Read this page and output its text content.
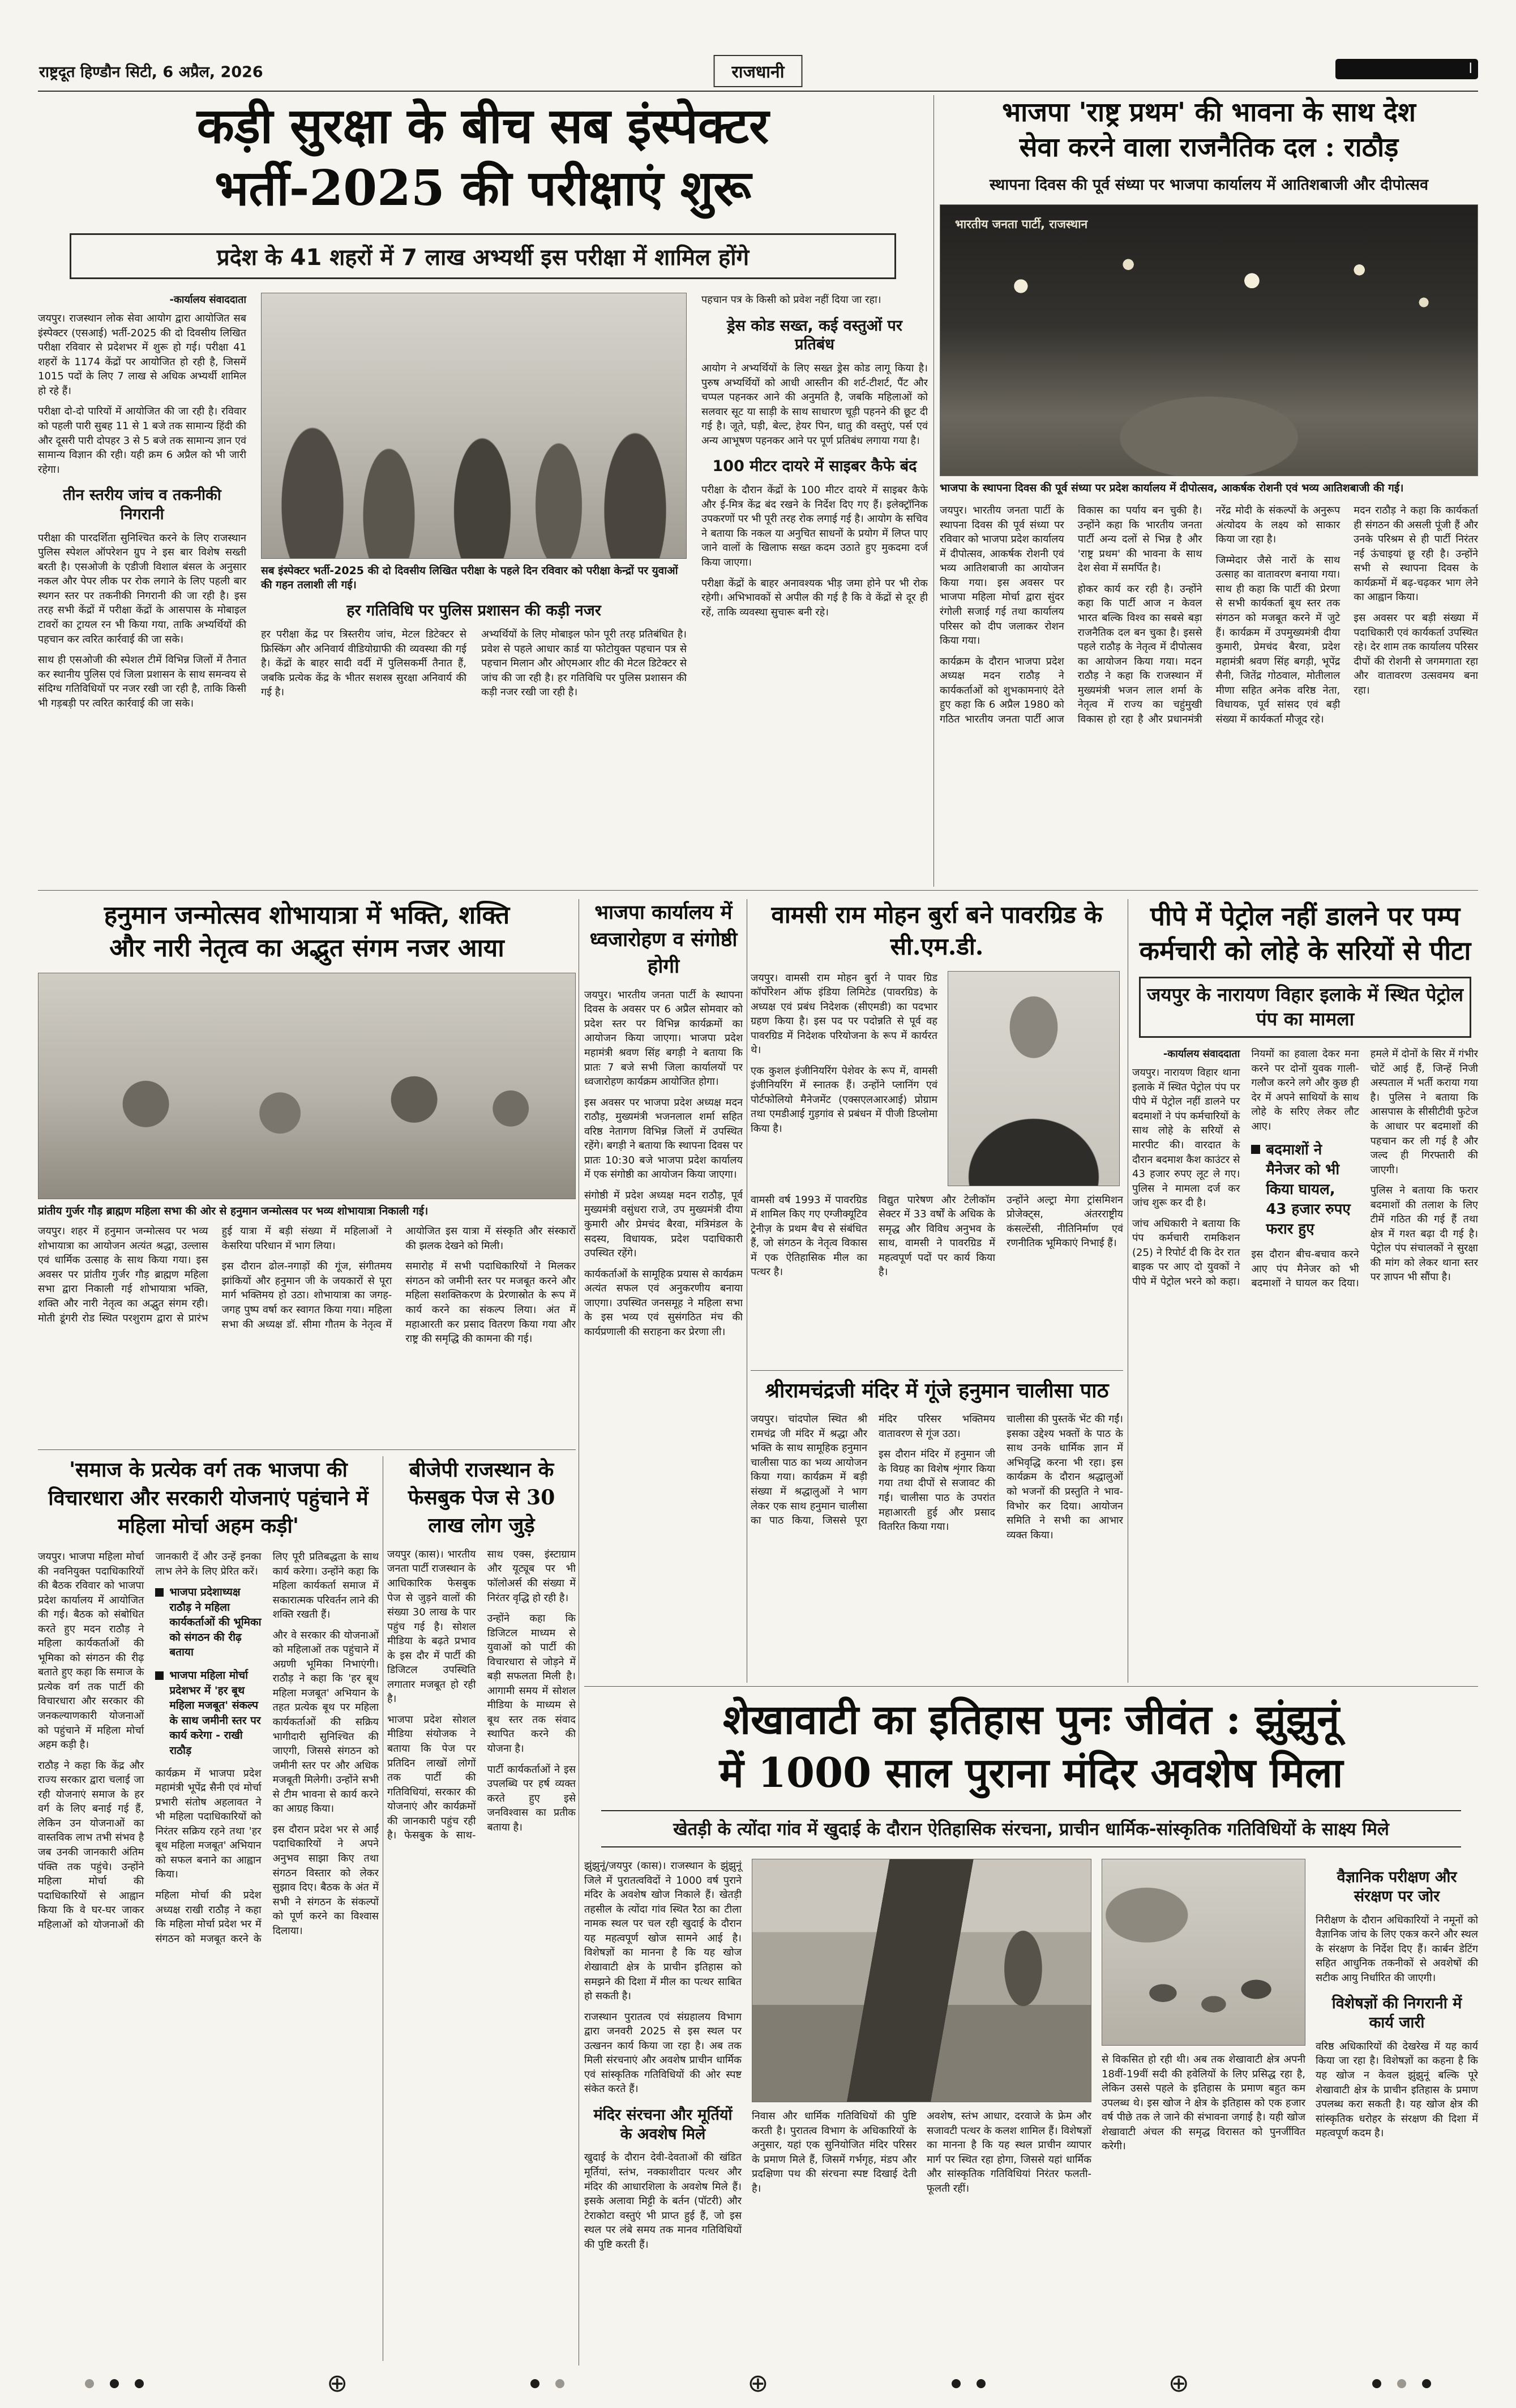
राष्ट्रदूत हिण्डौन सिटी, 6 अप्रैल, 2026	राजधानी	l
कड़ी सुरक्षा के बीच सब इंस्पेक्टर
भर्ती-2025 की परीक्षाएं शुरू
प्रदेश के 41 शहरों में 7 लाख अभ्यर्थी इस परीक्षा में शामिल होंगे
-कार्यालय संवाददाता

जयपुर। राजस्थान लोक सेवा आयोग द्वारा आयोजित सब इंस्पेक्टर (एसआई) भर्ती-2025 की दो दिवसीय लिखित परीक्षा रविवार से प्रदेशभर में शुरू हो गई। परीक्षा 41 शहरों के 1174 केंद्रों पर आयोजित हो रही है, जिसमें 1015 पदों के लिए 7 लाख से अधिक अभ्यर्थी शामिल हो रहे हैं।

परीक्षा दो-दो पारियों में आयोजित की जा रही है। रविवार को पहली पारी सुबह 11 से 1 बजे तक सामान्य हिंदी की और दूसरी पारी दोपहर 3 से 5 बजे तक सामान्य ज्ञान एवं सामान्य विज्ञान की रही। यही क्रम 6 अप्रैल को भी जारी रहेगा।

तीन स्तरीय जांच व तकनीकी निगरानी

परीक्षा की पारदर्शिता सुनिश्चित करने के लिए राजस्थान पुलिस स्पेशल ऑपरेशन ग्रुप ने इस बार विशेष सख्ती बरती है। एसओजी के एडीजी विशाल बंसल के अनुसार नकल और पेपर लीक पर रोक लगाने के लिए पहली बार स्थगन स्तर पर तकनीकी निगरानी की जा रही है। इस तरह सभी केंद्रों में परीक्षा केंद्रों के आसपास के मोबाइल टावरों का ट्रायल रन भी किया गया, ताकि अभ्यर्थियों की पहचान कर त्वरित कार्रवाई की जा सके।

साथ ही एसओजी की स्पेशल टीमें विभिन्न जिलों में तैनात कर स्थानीय पुलिस एवं जिला प्रशासन के साथ समन्वय से संदिग्ध गतिविधियों पर नजर रखी जा रही है, ताकि किसी भी गड़बड़ी पर त्वरित कार्रवाई की जा सके।

सब इंस्पेक्टर भर्ती-2025 की दो दिवसीय लिखित परीक्षा के पहले दिन रविवार को परीक्षा केन्द्रों पर युवाओं की गहन तलाशी ली गई।
हर गतिविधि पर पुलिस प्रशासन की कड़ी नजर

हर परीक्षा केंद्र पर त्रिस्तरीय जांच, मेटल डिटेक्टर से फ्रिस्किंग और अनिवार्य वीडियोग्राफी की व्यवस्था की गई है। केंद्रों के बाहर सादी वर्दी में पुलिसकर्मी तैनात हैं, जबकि प्रत्येक केंद्र के भीतर सशस्त्र सुरक्षा अनिवार्य की गई है।

अभ्यर्थियों के लिए मोबाइल फोन पूरी तरह प्रतिबंधित है। प्रवेश से पहले आधार कार्ड या फोटोयुक्त पहचान पत्र से पहचान मिलान और ओएमआर शीट की मेटल डिटेक्टर से जांच की जा रही है। हर गतिविधि पर पुलिस प्रशासन की कड़ी नजर रखी जा रही है।

पहचान पत्र के किसी को प्रवेश नहीं दिया जा रहा।

ड्रेस कोड सख्त, कई वस्तुओं पर प्रतिबंध

आयोग ने अभ्यर्थियों के लिए सख्त ड्रेस कोड लागू किया है। पुरुष अभ्यर्थियों को आधी आस्तीन की शर्ट-टीशर्ट, पैंट और चप्पल पहनकर आने की अनुमति है, जबकि महिलाओं को सलवार सूट या साड़ी के साथ साधारण चूड़ी पहनने की छूट दी गई है। जूते, घड़ी, बेल्ट, हेयर पिन, धातु की वस्तुएं, पर्स एवं अन्य आभूषण पहनकर आने पर पूर्ण प्रतिबंध लगाया गया है।

100 मीटर दायरे में साइबर कैफे बंद

परीक्षा के दौरान केंद्रों के 100 मीटर दायरे में साइबर कैफे और ई-मित्र केंद्र बंद रखने के निर्देश दिए गए हैं। इलेक्ट्रॉनिक उपकरणों पर भी पूरी तरह रोक लगाई गई है। आयोग के सचिव ने बताया कि नकल या अनुचित साधनों के प्रयोग में लिप्त पाए जाने वालों के खिलाफ सख्त कदम उठाते हुए मुकदमा दर्ज किया जाएगा।

परीक्षा केंद्रों के बाहर अनावश्यक भीड़ जमा होने पर भी रोक रहेगी। अभिभावकों से अपील की गई है कि वे केंद्रों से दूर ही रहें, ताकि व्यवस्था सुचारू बनी रहे।

भाजपा 'राष्ट्र प्रथम' की भावना के साथ देश
सेवा करने वाला राजनैतिक दल : राठौड़
स्थापना दिवस की पूर्व संध्या पर भाजपा कार्यालय में आतिशबाजी और दीपोत्सव
भारतीय जनता पार्टी, राजस्थान
भाजपा के स्थापना दिवस की पूर्व संध्या पर प्रदेश कार्यालय में दीपोत्सव, आकर्षक रोशनी एवं भव्य आतिशबाजी की गई।

जयपुर। भारतीय जनता पार्टी के स्थापना दिवस की पूर्व संध्या पर रविवार को भाजपा प्रदेश कार्यालय में दीपोत्सव, आकर्षक रोशनी एवं भव्य आतिशबाजी का आयोजन किया गया। इस अवसर पर भाजपा महिला मोर्चा द्वारा सुंदर रंगोली सजाई गई तथा कार्यालय परिसर को दीप जलाकर रोशन किया गया।

कार्यक्रम के दौरान भाजपा प्रदेश अध्यक्ष मदन राठौड़ ने कार्यकर्ताओं को शुभकामनाएं देते हुए कहा कि 6 अप्रैल 1980 को गठित भारतीय जनता पार्टी आज विकास का पर्याय बन चुकी है। उन्होंने कहा कि भारतीय जनता पार्टी अन्य दलों से भिन्न है और 'राष्ट्र प्रथम' की भावना के साथ देश सेवा में समर्पित है।

होकर कार्य कर रही है। उन्होंने कहा कि पार्टी आज न केवल भारत बल्कि विश्व का सबसे बड़ा राजनैतिक दल बन चुका है। इससे पहले राठौड़ के नेतृत्व में दीपोत्सव का आयोजन किया गया। मदन राठौड़ ने कहा कि राजस्थान में मुख्यमंत्री भजन लाल शर्मा के नेतृत्व में राज्य का चहुंमुखी विकास हो रहा है और प्रधानमंत्री नरेंद्र मोदी के संकल्पों के अनुरूप अंत्योदय के लक्ष्य को साकार किया जा रहा है।

जिम्मेदार जैसे नारों के साथ उत्साह का वातावरण बनाया गया। साथ ही कहा कि पार्टी की प्रेरणा से सभी कार्यकर्ता बूथ स्तर तक संगठन को मजबूत करने में जुटे हैं। कार्यक्रम में उपमुख्यमंत्री दीया कुमारी, प्रेमचंद बैरवा, प्रदेश महामंत्री श्रवण सिंह बगड़ी, भूपेंद्र सैनी, जितेंद्र गोठवाल, मोतीलाल मीणा सहित अनेक वरिष्ठ नेता, विधायक, पूर्व सांसद एवं बड़ी संख्या में कार्यकर्ता मौजूद रहे।

मदन राठौड़ ने कहा कि कार्यकर्ता ही संगठन की असली पूंजी हैं और उनके परिश्रम से ही पार्टी निरंतर नई ऊंचाइयां छू रही है। उन्होंने सभी से स्थापना दिवस के कार्यक्रमों में बढ़-चढ़कर भाग लेने का आह्वान किया।

इस अवसर पर बड़ी संख्या में पदाधिकारी एवं कार्यकर्ता उपस्थित रहे। देर शाम तक कार्यालय परिसर दीपों की रोशनी से जगमगाता रहा और वातावरण उत्सवमय बना रहा।

हनुमान जन्मोत्सव शोभायात्रा में भक्ति, शक्ति
और नारी नेतृत्व का अद्भुत संगम नजर आया
प्रांतीय गुर्जर गौड़ ब्राह्मण महिला सभा की ओर से हनुमान जन्मोत्सव पर भव्य शोभायात्रा निकाली गई।

जयपुर। शहर में हनुमान जन्मोत्सव पर भव्य शोभायात्रा का आयोजन अत्यंत श्रद्धा, उल्लास एवं धार्मिक उत्साह के साथ किया गया। इस अवसर पर प्रांतीय गुर्जर गौड़ ब्राह्मण महिला सभा द्वारा निकाली गई शोभायात्रा भक्ति, शक्ति और नारी नेतृत्व का अद्भुत संगम रही। मोती डूंगरी रोड स्थित परशुराम द्वारा से प्रारंभ हुई यात्रा में बड़ी संख्या में महिलाओं ने केसरिया परिधान में भाग लिया।

इस दौरान ढोल-नगाड़ों की गूंज, संगीतमय झांकियों और हनुमान जी के जयकारों से पूरा मार्ग भक्तिमय हो उठा। शोभायात्रा का जगह-जगह पुष्प वर्षा कर स्वागत किया गया। महिला सभा की अध्यक्ष डॉ. सीमा गौतम के नेतृत्व में आयोजित इस यात्रा में संस्कृति और संस्कारों की झलक देखने को मिली।

समारोह में सभी पदाधिकारियों ने मिलकर संगठन को जमीनी स्तर पर मजबूत करने और महिला सशक्तिकरण के प्रेरणास्रोत के रूप में कार्य करने का संकल्प लिया। अंत में महाआरती कर प्रसाद वितरण किया गया और राष्ट्र की समृद्धि की कामना की गई।

'समाज के प्रत्येक वर्ग तक भाजपा की विचारधारा और सरकारी योजनाएं पहुंचाने में महिला मोर्चा अहम कड़ी'

जयपुर। भाजपा महिला मोर्चा की नवनियुक्त पदाधिकारियों की बैठक रविवार को भाजपा प्रदेश कार्यालय में आयोजित की गई। बैठक को संबोधित करते हुए मदन राठौड़ ने महिला कार्यकर्ताओं की भूमिका को संगठन की रीढ़ बताते हुए कहा कि समाज के प्रत्येक वर्ग तक पार्टी की विचारधारा और सरकार की जनकल्याणकारी योजनाओं को पहुंचाने में महिला मोर्चा अहम कड़ी है।

राठौड़ ने कहा कि केंद्र और राज्य सरकार द्वारा चलाई जा रही योजनाएं समाज के हर वर्ग के लिए बनाई गई हैं, लेकिन उन योजनाओं का वास्तविक लाभ तभी संभव है जब उनकी जानकारी अंतिम पंक्ति तक पहुंचे। उन्होंने महिला मोर्चा की पदाधिकारियों से आह्वान किया कि वे घर-घर जाकर महिलाओं को योजनाओं की जानकारी दें और उन्हें इनका लाभ लेने के लिए प्रेरित करें।

भाजपा प्रदेशाध्यक्ष राठौड़ ने महिला कार्यकर्ताओं की भूमिका को संगठन की रीढ़ बताया
भाजपा महिला मोर्चा प्रदेशभर में 'हर बूथ महिला मजबूत' संकल्प के साथ जमीनी स्तर पर कार्य करेगा - राखी राठौड़

कार्यक्रम में भाजपा प्रदेश महामंत्री भूपेंद्र सैनी एवं मोर्चा प्रभारी संतोष अहलावत ने भी महिला पदाधिकारियों को निरंतर सक्रिय रहने तथा 'हर बूथ महिला मजबूत' अभियान को सफल बनाने का आह्वान किया।

महिला मोर्चा की प्रदेश अध्यक्ष राखी राठौड़ ने कहा कि महिला मोर्चा प्रदेश भर में संगठन को मजबूत करने के लिए पूरी प्रतिबद्धता के साथ कार्य करेगा। उन्होंने कहा कि महिला कार्यकर्ता समाज में सकारात्मक परिवर्तन लाने की शक्ति रखती हैं।

और वे सरकार की योजनाओं को महिलाओं तक पहुंचाने में अग्रणी भूमिका निभाएंगी। राठौड़ ने कहा कि 'हर बूथ महिला मजबूत' अभियान के तहत प्रत्येक बूथ पर महिला कार्यकर्ताओं की सक्रिय भागीदारी सुनिश्चित की जाएगी, जिससे संगठन को जमीनी स्तर पर और अधिक मजबूती मिलेगी। उन्होंने सभी से टीम भावना से कार्य करने का आग्रह किया।

इस दौरान प्रदेश भर से आईं पदाधिकारियों ने अपने अनुभव साझा किए तथा संगठन विस्तार को लेकर सुझाव दिए। बैठक के अंत में सभी ने संगठन के संकल्पों को पूर्ण करने का विश्वास दिलाया।

बीजेपी राजस्थान के फेसबुक पेज से 30 लाख लोग जुड़े

जयपुर (कास)। भारतीय जनता पार्टी राजस्थान के आधिकारिक फेसबुक पेज से जुड़ने वालों की संख्या 30 लाख के पार पहुंच गई है। सोशल मीडिया के बढ़ते प्रभाव के इस दौर में पार्टी की डिजिटल उपस्थिति लगातार मजबूत हो रही है।

भाजपा प्रदेश सोशल मीडिया संयोजक ने बताया कि पेज पर प्रतिदिन लाखों लोगों तक पार्टी की गतिविधियां, सरकार की योजनाएं और कार्यक्रमों की जानकारी पहुंच रही है। फेसबुक के साथ-साथ एक्स, इंस्टाग्राम और यूट्यूब पर भी फॉलोअर्स की संख्या में निरंतर वृद्धि हो रही है।

उन्होंने कहा कि डिजिटल माध्यम से युवाओं को पार्टी की विचारधारा से जोड़ने में बड़ी सफलता मिली है। आगामी समय में सोशल मीडिया के माध्यम से बूथ स्तर तक संवाद स्थापित करने की योजना है।

पार्टी कार्यकर्ताओं ने इस उपलब्धि पर हर्ष व्यक्त करते हुए इसे जनविश्वास का प्रतीक बताया है।

भाजपा कार्यालय में ध्वजारोहण व संगोष्ठी होगी

जयपुर। भारतीय जनता पार्टी के स्थापना दिवस के अवसर पर 6 अप्रैल सोमवार को प्रदेश स्तर पर विभिन्न कार्यक्रमों का आयोजन किया जाएगा। भाजपा प्रदेश महामंत्री श्रवण सिंह बगड़ी ने बताया कि प्रातः 7 बजे सभी जिला कार्यालयों पर ध्वजारोहण कार्यक्रम आयोजित होगा।

इस अवसर पर भाजपा प्रदेश अध्यक्ष मदन राठौड़, मुख्यमंत्री भजनलाल शर्मा सहित वरिष्ठ नेतागण विभिन्न जिलों में उपस्थित रहेंगे। बगड़ी ने बताया कि स्थापना दिवस पर प्रातः 10:30 बजे भाजपा प्रदेश कार्यालय में एक संगोष्ठी का आयोजन किया जाएगा।

संगोष्ठी में प्रदेश अध्यक्ष मदन राठौड़, पूर्व मुख्यमंत्री वसुंधरा राजे, उप मुख्यमंत्री दीया कुमारी और प्रेमचंद बैरवा, मंत्रिमंडल के सदस्य, विधायक, प्रदेश पदाधिकारी उपस्थित रहेंगे।

कार्यकर्ताओं के सामूहिक प्रयास से कार्यक्रम अत्यंत सफल एवं अनुकरणीय बनाया जाएगा। उपस्थित जनसमूह ने महिला सभा के इस भव्य एवं सुसंगठित मंच की कार्यप्रणाली की सराहना कर प्रेरणा ली।

वामसी राम मोहन बुर्रा बने पावरग्रिड के सी.एम.डी.

जयपुर। वामसी राम मोहन बुर्रा ने पावर ग्रिड कॉर्पोरेशन ऑफ इंडिया लिमिटेड (पावरग्रिड) के अध्यक्ष एवं प्रबंध निदेशक (सीएमडी) का पदभार ग्रहण किया है। इस पद पर पदोन्नति से पूर्व वह पावरग्रिड में निदेशक परियोजना के रूप में कार्यरत थे।

एक कुशल इंजीनियरिंग पेशेवर के रूप में, वामसी इंजीनियरिंग में स्नातक हैं। उन्होंने प्लानिंग एवं पोर्टफोलियो मैनेजमेंट (एक्सएलआरआई) प्रोग्राम तथा एमडीआई गुड़गांव से प्रबंधन में पीजी डिप्लोमा किया है।

वामसी वर्ष 1993 में पावरग्रिड में शामिल किए गए एग्जीक्यूटिव ट्रेनीज़ के प्रथम बैच से संबंधित हैं, जो संगठन के नेतृत्व विकास में एक ऐतिहासिक मील का पत्थर है।

विद्युत पारेषण और टेलीकॉम सेक्टर में 33 वर्षों के अधिक के समृद्ध और विविध अनुभव के साथ, वामसी ने पावरग्रिड में महत्वपूर्ण पदों पर कार्य किया है।

उन्होंने अल्ट्रा मेगा ट्रांसमिशन प्रोजेक्ट्स, अंतरराष्ट्रीय कंसल्टेंसी, नीतिनिर्माण एवं रणनीतिक भूमिकाएं निभाई हैं।

श्रीरामचंद्रजी मंदिर में गूंजे हनुमान चालीसा पाठ

जयपुर। चांदपोल स्थित श्री रामचंद्र जी मंदिर में श्रद्धा और भक्ति के साथ सामूहिक हनुमान चालीसा पाठ का भव्य आयोजन किया गया। कार्यक्रम में बड़ी संख्या में श्रद्धालुओं ने भाग लेकर एक साथ हनुमान चालीसा का पाठ किया, जिससे पूरा मंदिर परिसर भक्तिमय वातावरण से गूंज उठा।

इस दौरान मंदिर में हनुमान जी के विग्रह का विशेष शृंगार किया गया तथा दीपों से सजावट की गई। चालीसा पाठ के उपरांत महाआरती हुई और प्रसाद वितरित किया गया।

चालीसा की पुस्तकें भेंट की गईं। इसका उद्देश्य भक्तों के पाठ के साथ उनके धार्मिक ज्ञान में अभिवृद्धि करना भी रहा। इस कार्यक्रम के दौरान श्रद्धालुओं को भजनों की प्रस्तुति ने भाव-विभोर कर दिया। आयोजन समिति ने सभी का आभार व्यक्त किया।

पीपे में पेट्रोल नहीं डालने पर पम्प कर्मचारी को लोहे के सरियों से पीटा
जयपुर के नारायण विहार इलाके में स्थित पेट्रोल पंप का मामला
-कार्यालय संवाददाता

जयपुर। नारायण विहार थाना इलाके में स्थित पेट्रोल पंप पर पीपे में पेट्रोल नहीं डालने पर बदमाशों ने पंप कर्मचारियों के साथ लोहे के सरियों से मारपीट की। वारदात के दौरान बदमाश कैश काउंटर से 43 हजार रुपए लूट ले गए। पुलिस ने मामला दर्ज कर जांच शुरू कर दी है।

जांच अधिकारी ने बताया कि पंप कर्मचारी रामकिशन (25) ने रिपोर्ट दी कि देर रात बाइक पर आए दो युवकों ने पीपे में पेट्रोल भरने को कहा। नियमों का हवाला देकर मना करने पर दोनों युवक गाली-गलौज करने लगे और कुछ ही देर में अपने साथियों के साथ लोहे के सरिए लेकर लौट आए।

बदमाशों ने मैनेजर को भी किया घायल, 43 हजार रुपए फरार हुए

इस दौरान बीच-बचाव करने आए पंप मैनेजर को भी बदमाशों ने घायल कर दिया। हमले में दोनों के सिर में गंभीर चोटें आई हैं, जिन्हें निजी अस्पताल में भर्ती कराया गया है। पुलिस ने बताया कि आसपास के सीसीटीवी फुटेज के आधार पर बदमाशों की पहचान कर ली गई है और जल्द ही गिरफ्तारी की जाएगी।

पुलिस ने बताया कि फरार बदमाशों की तलाश के लिए टीमें गठित की गई हैं तथा क्षेत्र में गश्त बढ़ा दी गई है। पेट्रोल पंप संचालकों ने सुरक्षा की मांग को लेकर थाना स्तर पर ज्ञापन भी सौंपा है।

शेखावाटी का इतिहास पुनः जीवंत : झुंझुनूं
में 1000 साल पुराना मंदिर अवशेष मिला
खेतड़ी के त्योंदा गांव में खुदाई के दौरान ऐतिहासिक संरचना, प्राचीन धार्मिक-सांस्कृतिक गतिविधियों के साक्ष्य मिले

झुंझुनूं/जयपुर (कास)। राजस्थान के झुंझुनूं जिले में पुरातत्वविदों ने 1000 वर्ष पुराने मंदिर के अवशेष खोज निकाले हैं। खेतड़ी तहसील के त्योंदा गांव स्थित रैठा का टीला नामक स्थल पर चल रही खुदाई के दौरान यह महत्वपूर्ण खोज सामने आई है। विशेषज्ञों का मानना है कि यह खोज शेखावाटी क्षेत्र के प्राचीन इतिहास को समझने की दिशा में मील का पत्थर साबित हो सकती है।

राजस्थान पुरातत्व एवं संग्रहालय विभाग द्वारा जनवरी 2025 से इस स्थल पर उत्खनन कार्य किया जा रहा है। अब तक मिली संरचनाएं और अवशेष प्राचीन धार्मिक एवं सांस्कृतिक गतिविधियों की ओर स्पष्ट संकेत करते हैं।

मंदिर संरचना और मूर्तियों के अवशेष मिले

खुदाई के दौरान देवी-देवताओं की खंडित मूर्तियां, स्तंभ, नक्काशीदार पत्थर और मंदिर की आधारशिला के अवशेष मिले हैं। इसके अलावा मिट्टी के बर्तन (पॉटरी) और टेराकोटा वस्तुएं भी प्राप्त हुई हैं, जो इस स्थल पर लंबे समय तक मानव गतिविधियों की पुष्टि करती हैं।

निवास और धार्मिक गतिविधियों की पुष्टि करती है। पुरातत्व विभाग के अधिकारियों के अनुसार, यहां एक सुनियोजित मंदिर परिसर के प्रमाण मिले हैं, जिसमें गर्भगृह, मंडप और प्रदक्षिणा पथ की संरचना स्पष्ट दिखाई देती है।

अवशेष, स्तंभ आधार, दरवाजे के फ्रेम और सजावटी पत्थर के कलश शामिल हैं। विशेषज्ञों का मानना है कि यह स्थल प्राचीन व्यापार मार्ग पर स्थित रहा होगा, जिससे यहां धार्मिक और सांस्कृतिक गतिविधियां निरंतर फलती-फूलती रहीं।

से विकसित हो रही थी। अब तक शेखावाटी क्षेत्र अपनी 18वीं-19वीं सदी की हवेलियों के लिए प्रसिद्ध रहा है, लेकिन उससे पहले के इतिहास के प्रमाण बहुत कम उपलब्ध थे। इस खोज ने क्षेत्र के इतिहास को एक हजार वर्ष पीछे तक ले जाने की संभावना जगाई है। यही खोज शेखावाटी अंचल की समृद्ध विरासत को पुनर्जीवित करेगी।

वैज्ञानिक परीक्षण और संरक्षण पर जोर

निरीक्षण के दौरान अधिकारियों ने नमूनों को वैज्ञानिक जांच के लिए एकत्र करने और स्थल के संरक्षण के निर्देश दिए हैं। कार्बन डेटिंग सहित आधुनिक तकनीकों से अवशेषों की सटीक आयु निर्धारित की जाएगी।

विशेषज्ञों की निगरानी में कार्य जारी

वरिष्ठ अधिकारियों की देखरेख में यह कार्य किया जा रहा है। विशेषज्ञों का कहना है कि यह खोज न केवल झुंझुनूं बल्कि पूरे शेखावाटी क्षेत्र के प्राचीन इतिहास के प्रमाण उपलब्ध करा सकती है। यह खोज क्षेत्र की सांस्कृतिक धरोहर के संरक्षण की दिशा में महत्वपूर्ण कदम है।

⊕	⊕	⊕
